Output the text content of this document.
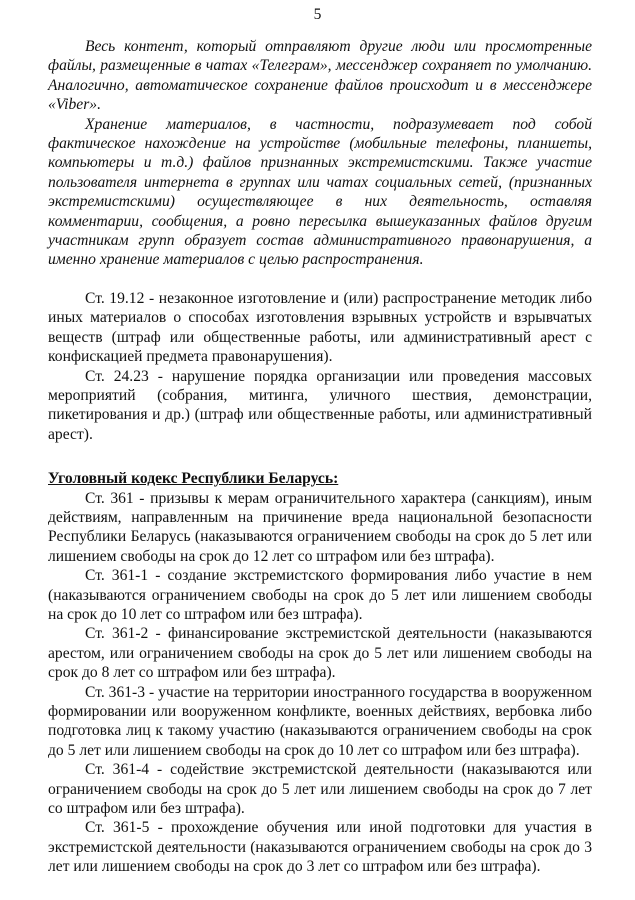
5

Весь контент, который отправляют другие люди или просмотренные файлы, размещенные в чатах «Телеграм», мессенджер сохраняет по умолчанию. Аналогично, автоматическое сохранение файлов происходит и в мессенджере «Viber».

Хранение материалов, в частности, подразумевает под собой фактическое нахождение на устройстве (мобильные телефоны, планшеты, компьютеры и т.д.) файлов признанных экстремистскими. Также участие пользователя интернета в группах или чатах социальных сетей, (признанных экстремистскими) осуществляющее в них деятельность, оставляя комментарии, сообщения, а ровно пересылка вышеуказанных файлов другим участникам групп образует состав административного правонарушения, а именно хранение материалов с целью распространения.

Ст. 19.12 - незаконное изготовление и (или) распространение методик либо иных материалов о способах изготовления взрывных устройств и взрывчатых веществ (штраф или общественные работы, или административный арест с конфискацией предмета правонарушения).

Ст. 24.23 - нарушение порядка организации или проведения массовых мероприятий (собрания, митинга, уличного шествия, демонстрации, пикетирования и др.) (штраф или общественные работы, или административный арест).

Уголовный кодекс Республики Беларусь:

Ст. 361 - призывы к мерам ограничительного характера (санкциям), иным действиям, направленным на причинение вреда национальной безопасности Республики Беларусь (наказываются ограничением свободы на срок до 5 лет или лишением свободы на срок до 12 лет со штрафом или без штрафа).

Ст. 361-1 - создание экстремистского формирования либо участие в нем (наказываются ограничением свободы на срок до 5 лет или лишением свободы на срок до 10 лет со штрафом или без штрафа).

Ст. 361-2 - финансирование экстремистской деятельности (наказываются арестом, или ограничением свободы на срок до 5 лет или лишением свободы на срок до 8 лет со штрафом или без штрафа).

Ст. 361-3 - участие на территории иностранного государства в вооруженном формировании или вооруженном конфликте, военных действиях, вербовка либо подготовка лиц к такому участию (наказываются ограничением свободы на срок до 5 лет или лишением свободы на срок до 10 лет со штрафом или без штрафа).

Ст. 361-4 - содействие экстремистской деятельности (наказываются или ограничением свободы на срок до 5 лет или лишением свободы на срок до 7 лет со штрафом или без штрафа).

Ст. 361-5 - прохождение обучения или иной подготовки для участия в экстремистской деятельности (наказываются ограничением свободы на срок до 3 лет или лишением свободы на срок до 3 лет со штрафом или без штрафа).
